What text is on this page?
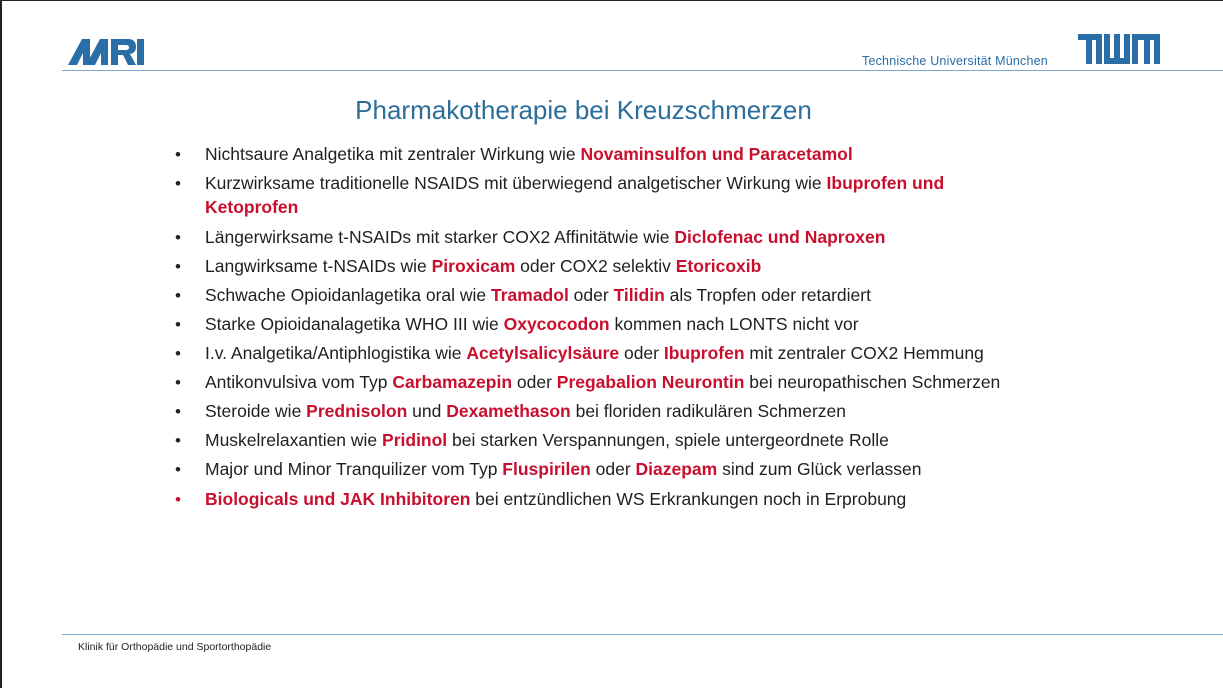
Technische Universität München
Pharmakotherapie bei Kreuzschmerzen
• Nichtsaure Analgetika mit zentraler Wirkung wie Novaminsulfon und Paracetamol
• Kurzwirksame traditionelle NSAIDS mit überwiegend analgetischer Wirkung wie Ibuprofen und Ketoprofen
• Längerwirksame t-NSAIDs mit starker COX2 Affinitätwie wie Diclofenac und Naproxen
• Langwirksame t-NSAIDs wie Piroxicam oder COX2 selektiv Etoricoxib
• Schwache Opioidanlagetika oral wie Tramadol oder Tilidin als Tropfen oder retardiert
• Starke Opioidanalagetika WHO III wie Oxycocodon kommen nach LONTS nicht vor
• I.v. Analgetika/Antiphlogistika wie Acetylsalicylsäure oder Ibuprofen mit zentraler COX2 Hemmung
• Antikonvulsiva vom Typ Carbamazepin oder Pregabalion Neurontin bei neuropathischen Schmerzen
• Steroide wie Prednisolon und Dexamethason bei floriden radikulären Schmerzen
• Muskelrelaxantien wie Pridinol bei starken Verspannungen, spiele untergeordnete Rolle
• Major und Minor Tranquilizer vom Typ Fluspirilen oder Diazepam sind zum Glück verlassen
• Biologicals und JAK Inhibitoren bei entzündlichen WS Erkrankungen noch in Erprobung
Klinik für Orthopädie und Sportorthopädie
